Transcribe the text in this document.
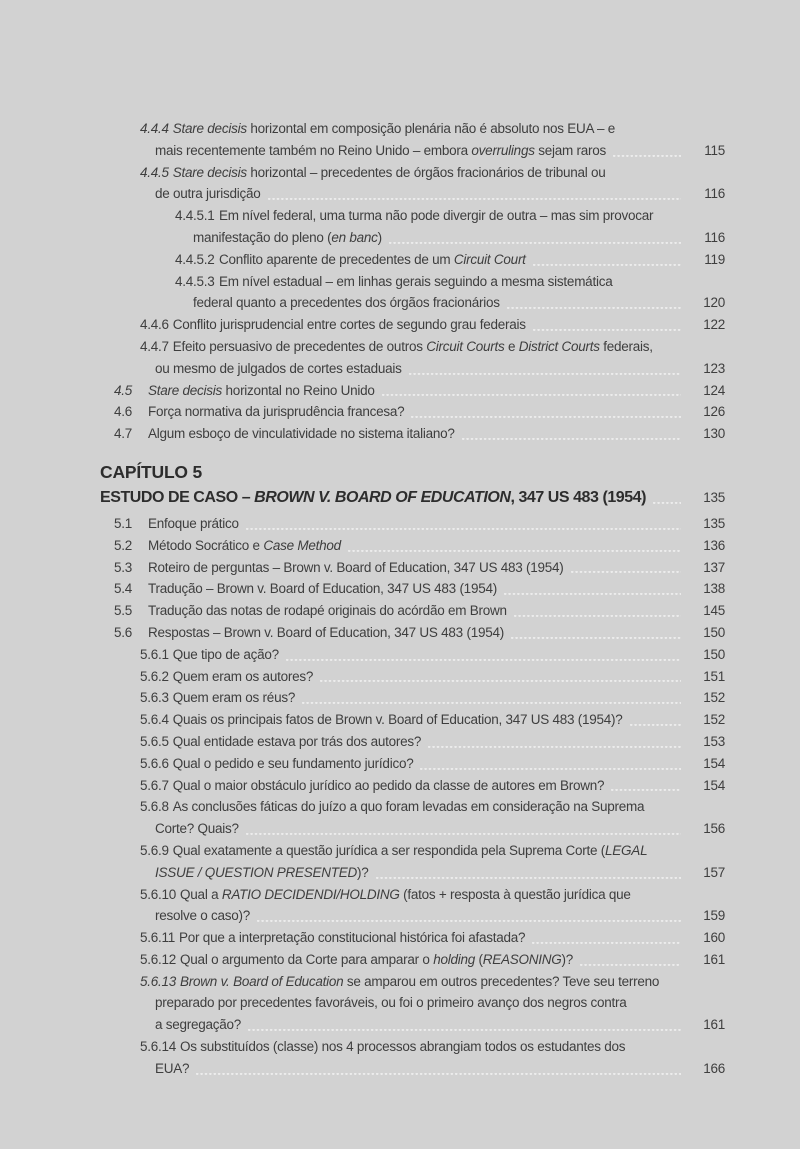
4.4.4 Stare decisis horizontal em composição plenária não é absoluto nos EUA – e
mais recentemente também no Reino Unido – embora overrulings sejam raros	115
4.4.5 Stare decisis horizontal – precedentes de órgãos fracionários de tribunal ou
de outra jurisdição	116
4.4.5.1 Em nível federal, uma turma não pode divergir de outra – mas sim provocar
manifestação do pleno (en banc)	116
4.4.5.2 Conflito aparente de precedentes de um Circuit Court	119
4.4.5.3 Em nível estadual – em linhas gerais seguindo a mesma sistemática
federal quanto a precedentes dos órgãos fracionários	120
4.4.6 Conflito jurisprudencial entre cortes de segundo grau federais	122
4.4.7 Efeito persuasivo de precedentes de outros Circuit Courts e District Courts federais,
ou mesmo de julgados de cortes estaduais	123
4.5 Stare decisis horizontal no Reino Unido	124
4.6 Força normativa da jurisprudência francesa?	126
4.7 Algum esboço de vinculatividade no sistema italiano?	130
CAPÍTULO 5
ESTUDO DE CASO – BROWN V. BOARD OF EDUCATION, 347 US 483 (1954)	135
5.1 Enfoque prático	135
5.2 Método Socrático e Case Method	136
5.3 Roteiro de perguntas – Brown v. Board of Education, 347 US 483 (1954)	137
5.4 Tradução – Brown v. Board of Education, 347 US 483 (1954)	138
5.5 Tradução das notas de rodapé originais do acórdão em Brown	145
5.6 Respostas – Brown v. Board of Education, 347 US 483 (1954)	150
5.6.1 Que tipo de ação?	150
5.6.2 Quem eram os autores?	151
5.6.3 Quem eram os réus?	152
5.6.4 Quais os principais fatos de Brown v. Board of Education, 347 US 483 (1954)?	152
5.6.5 Qual entidade estava por trás dos autores?	153
5.6.6 Qual o pedido e seu fundamento jurídico?	154
5.6.7 Qual o maior obstáculo jurídico ao pedido da classe de autores em Brown?	154
5.6.8 As conclusões fáticas do juízo a quo foram levadas em consideração na Suprema
Corte? Quais?	156
5.6.9 Qual exatamente a questão jurídica a ser respondida pela Suprema Corte (LEGAL
ISSUE / QUESTION PRESENTED)?	157
5.6.10 Qual a RATIO DECIDENDI/HOLDING (fatos + resposta à questão jurídica que
resolve o caso)?	159
5.6.11 Por que a interpretação constitucional histórica foi afastada?	160
5.6.12 Qual o argumento da Corte para amparar o holding (REASONING)?	161
5.6.13 Brown v. Board of Education se amparou em outros precedentes? Teve seu terreno
preparado por precedentes favoráveis, ou foi o primeiro avanço dos negros contra
a segregação?	161
5.6.14 Os substituídos (classe) nos 4 processos abrangiam todos os estudantes dos
EUA?	166
